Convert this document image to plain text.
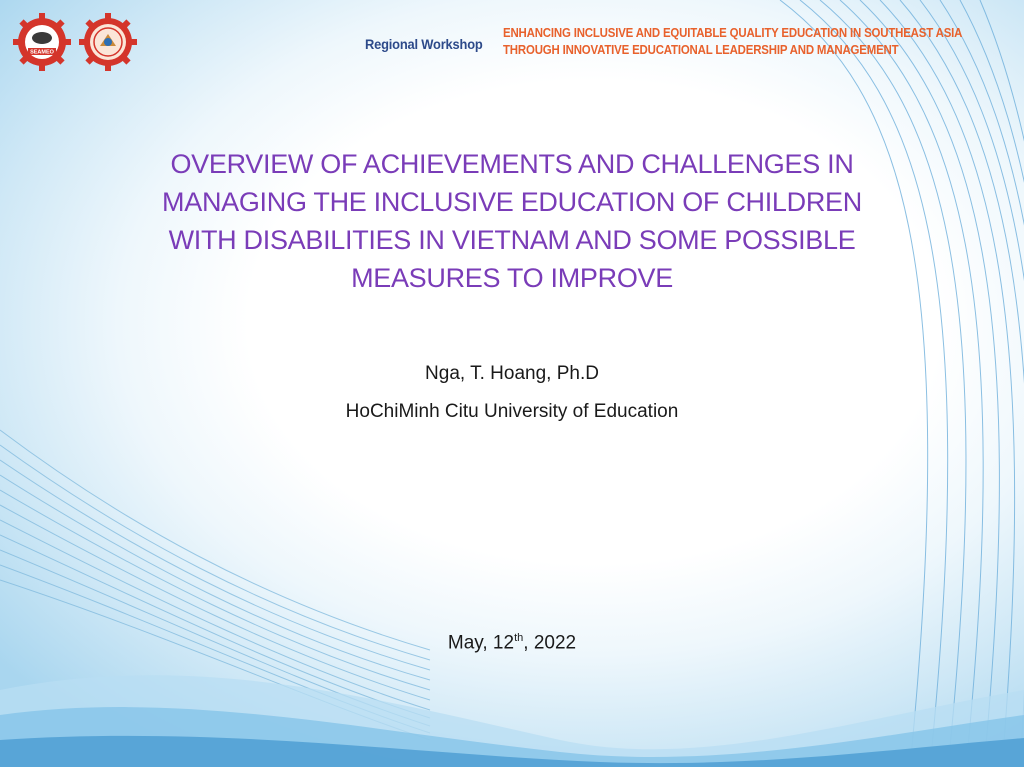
SEAMEO
Regional Workshop
ENHANCING INCLUSIVE AND EQUITABLE QUALITY EDUCATION IN SOUTHEAST ASIA
THROUGH INNOVATIVE EDUCATIONAL LEADERSHIP AND MANAGEMENT
OVERVIEW OF ACHIEVEMENTS AND CHALLENGES IN
MANAGING THE INCLUSIVE EDUCATION OF CHILDREN
WITH DISABILITIES IN VIETNAM AND SOME POSSIBLE
MEASURES TO IMPROVE
Nga, T. Hoang, Ph.D
HoChiMinh Citu University of Education
May, 12th, 2022
